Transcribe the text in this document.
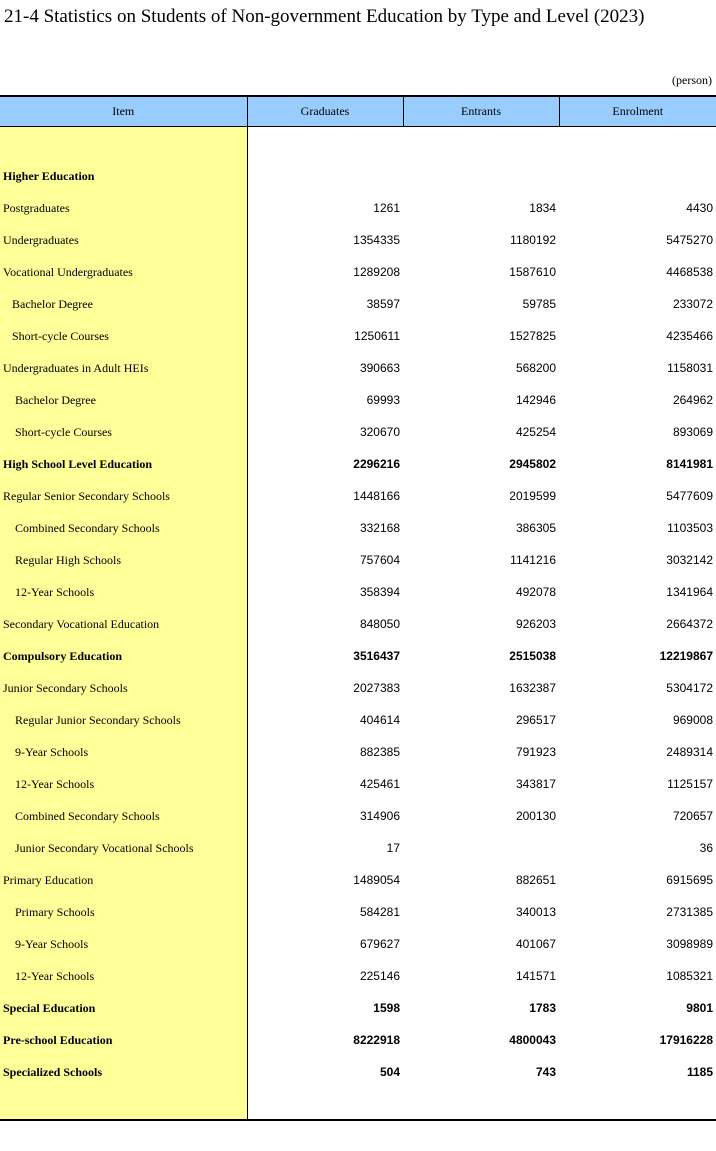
21-4 Statistics on Students of Non-government Education by Type and Level (2023)
(person)
Item	Graduates	Entrants	Enrolment

Higher Education			
Postgraduates	1261	1834	4430
Undergraduates	1354335	1180192	5475270
Vocational Undergraduates	1289208	1587610	4468538
Bachelor Degree	38597	59785	233072
Short-cycle Courses	1250611	1527825	4235466
Undergraduates in Adult HEIs	390663	568200	1158031
Bachelor Degree	69993	142946	264962
Short-cycle Courses	320670	425254	893069
High School Level Education	2296216	2945802	8141981
Regular Senior Secondary Schools	1448166	2019599	5477609
Combined Secondary Schools	332168	386305	1103503
Regular High Schools	757604	1141216	3032142
12-Year Schools	358394	492078	1341964
Secondary Vocational Education	848050	926203	2664372
Compulsory Education	3516437	2515038	12219867
Junior Secondary Schools	2027383	1632387	5304172
Regular Junior Secondary Schools	404614	296517	969008
9-Year Schools	882385	791923	2489314
12-Year Schools	425461	343817	1125157
Combined Secondary Schools	314906	200130	720657
Junior Secondary Vocational Schools	17		36
Primary Education	1489054	882651	6915695
Primary Schools	584281	340013	2731385
9-Year Schools	679627	401067	3098989
12-Year Schools	225146	141571	1085321
Special Education	1598	1783	9801
Pre-school Education	8222918	4800043	17916228
Specialized Schools	504	743	1185
